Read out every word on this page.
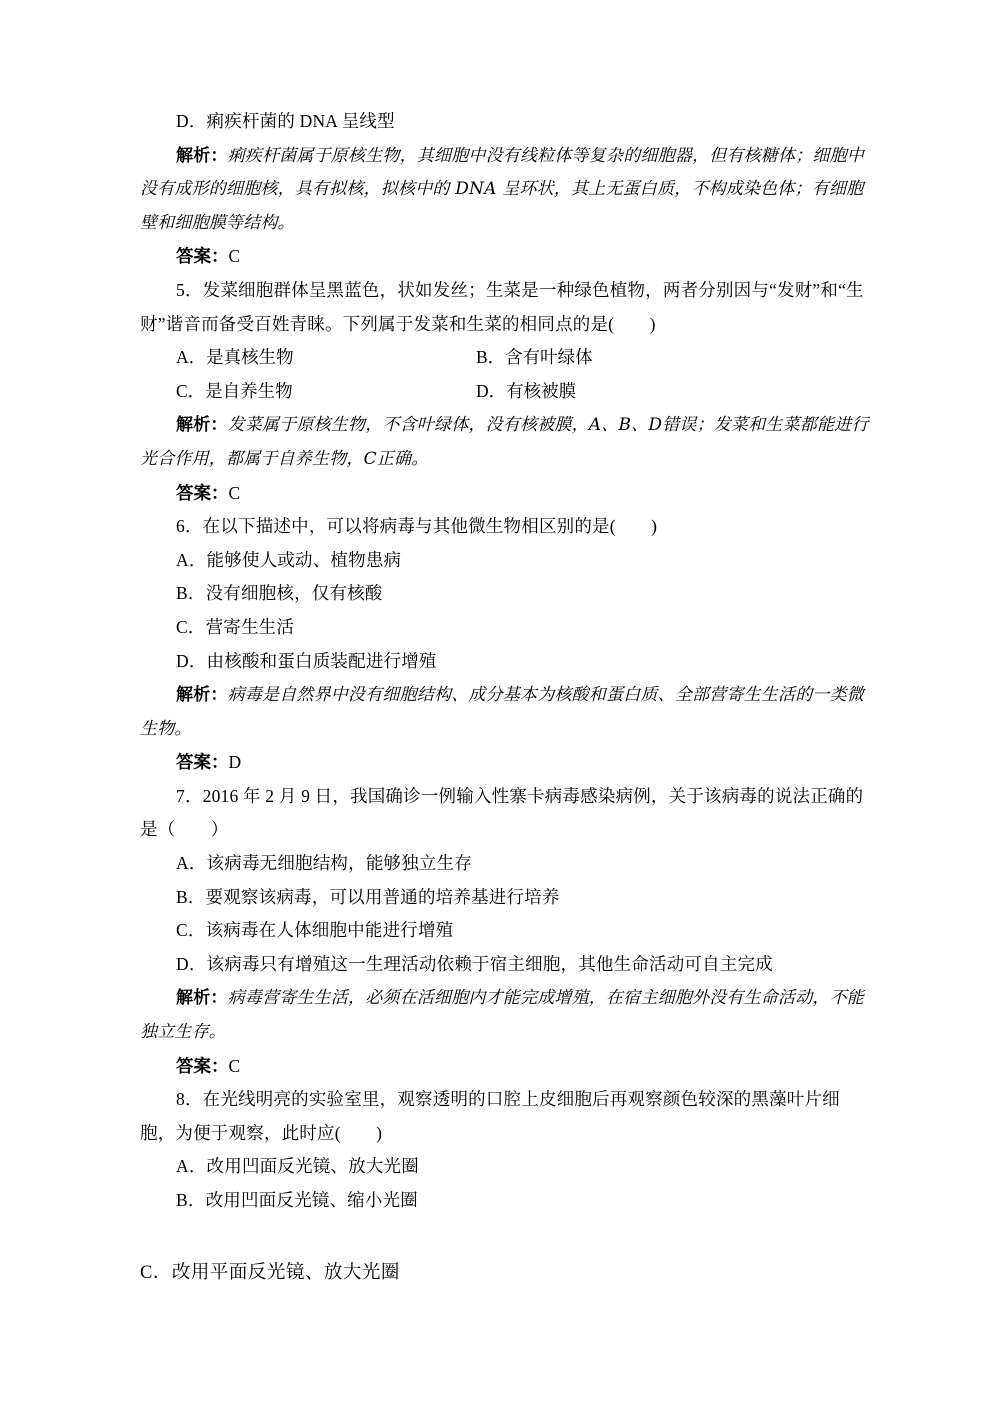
D．痢疾杆菌的 DNA 呈线型
解析：痢疾杆菌属于原核生物，其细胞中没有线粒体等复杂的细胞器，但有核糖体；细胞中没有成形的细胞核，具有拟核，拟核中的 DNA 呈环状，其上无蛋白质，不构成染色体；有细胞壁和细胞膜等结构。
答案：C
5．发菜细胞群体呈黑蓝色，状如发丝；生菜是一种绿色植物，两者分别因与“发财”和“生财”谐音而备受百姓青睐。下列属于发菜和生菜的相同点的是(　　)
A．是真核生物	B．含有叶绿体
C．是自养生物	D．有核被膜
解析：发菜属于原核生物，不含叶绿体，没有核被膜，A、B、D错误；发菜和生菜都能进行光合作用，都属于自养生物，C正确。
答案：C
6．在以下描述中，可以将病毒与其他微生物相区别的是(　　)
A．能够使人或动、植物患病
B．没有细胞核，仅有核酸
C．营寄生生活
D．由核酸和蛋白质装配进行增殖
解析：病毒是自然界中没有细胞结构、成分基本为核酸和蛋白质、全部营寄生生活的一类微生物。
答案：D
7．2016 年 2 月 9 日，我国确诊一例输入性寨卡病毒感染病例，关于该病毒的说法正确的是（　　）
A．该病毒无细胞结构，能够独立生存
B．要观察该病毒，可以用普通的培养基进行培养
C．该病毒在人体细胞中能进行增殖
D．该病毒只有增殖这一生理活动依赖于宿主细胞，其他生命活动可自主完成
解析：病毒营寄生生活，必须在活细胞内才能完成增殖，在宿主细胞外没有生命活动，不能独立生存。
答案：C
8．在光线明亮的实验室里，观察透明的口腔上皮细胞后再观察颜色较深的黑藻叶片细胞，为便于观察，此时应(　　)
A．改用凹面反光镜、放大光圈
B．改用凹面反光镜、缩小光圈
C．改用平面反光镜、放大光圈
